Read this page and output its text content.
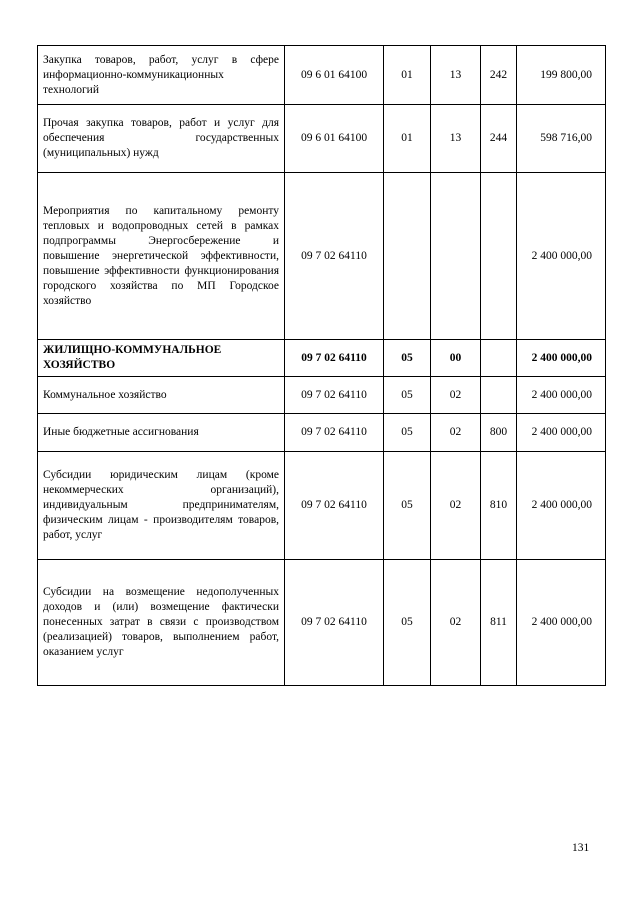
Закупка товаров, работ, услуг в сфере информационно-коммуникационных технологий	09 6 01 64100	01	13	242	199 800,00
Прочая закупка товаров, работ и услуг для обеспечения государственных (муниципальных) нужд	09 6 01 64100	01	13	244	598 716,00
Мероприятия по капитальному ремонту тепловых и водопроводных сетей в рамках подпрограммы Энергосбережение и повышение энергетической эффективности, повышение эффективности функционирования городского хозяйства по МП Городское хозяйство	09 7 02 64110				2 400 000,00
ЖИЛИЩНО-КОММУНАЛЬНОЕ ХОЗЯЙСТВО	09 7 02 64110	05	00		2 400 000,00
Коммунальное хозяйство	09 7 02 64110	05	02		2 400 000,00
Иные бюджетные ассигнования	09 7 02 64110	05	02	800	2 400 000,00
Субсидии юридическим лицам (кроме некоммерческих организаций), индивидуальным предпринимателям, физическим лицам - производителям товаров, работ, услуг	09 7 02 64110	05	02	810	2 400 000,00
Субсидии на возмещение недополученных доходов и (или) возмещение фактически понесенных затрат в связи с производством (реализацией) товаров, выполнением работ, оказанием услуг	09 7 02 64110	05	02	811	2 400 000,00
131
